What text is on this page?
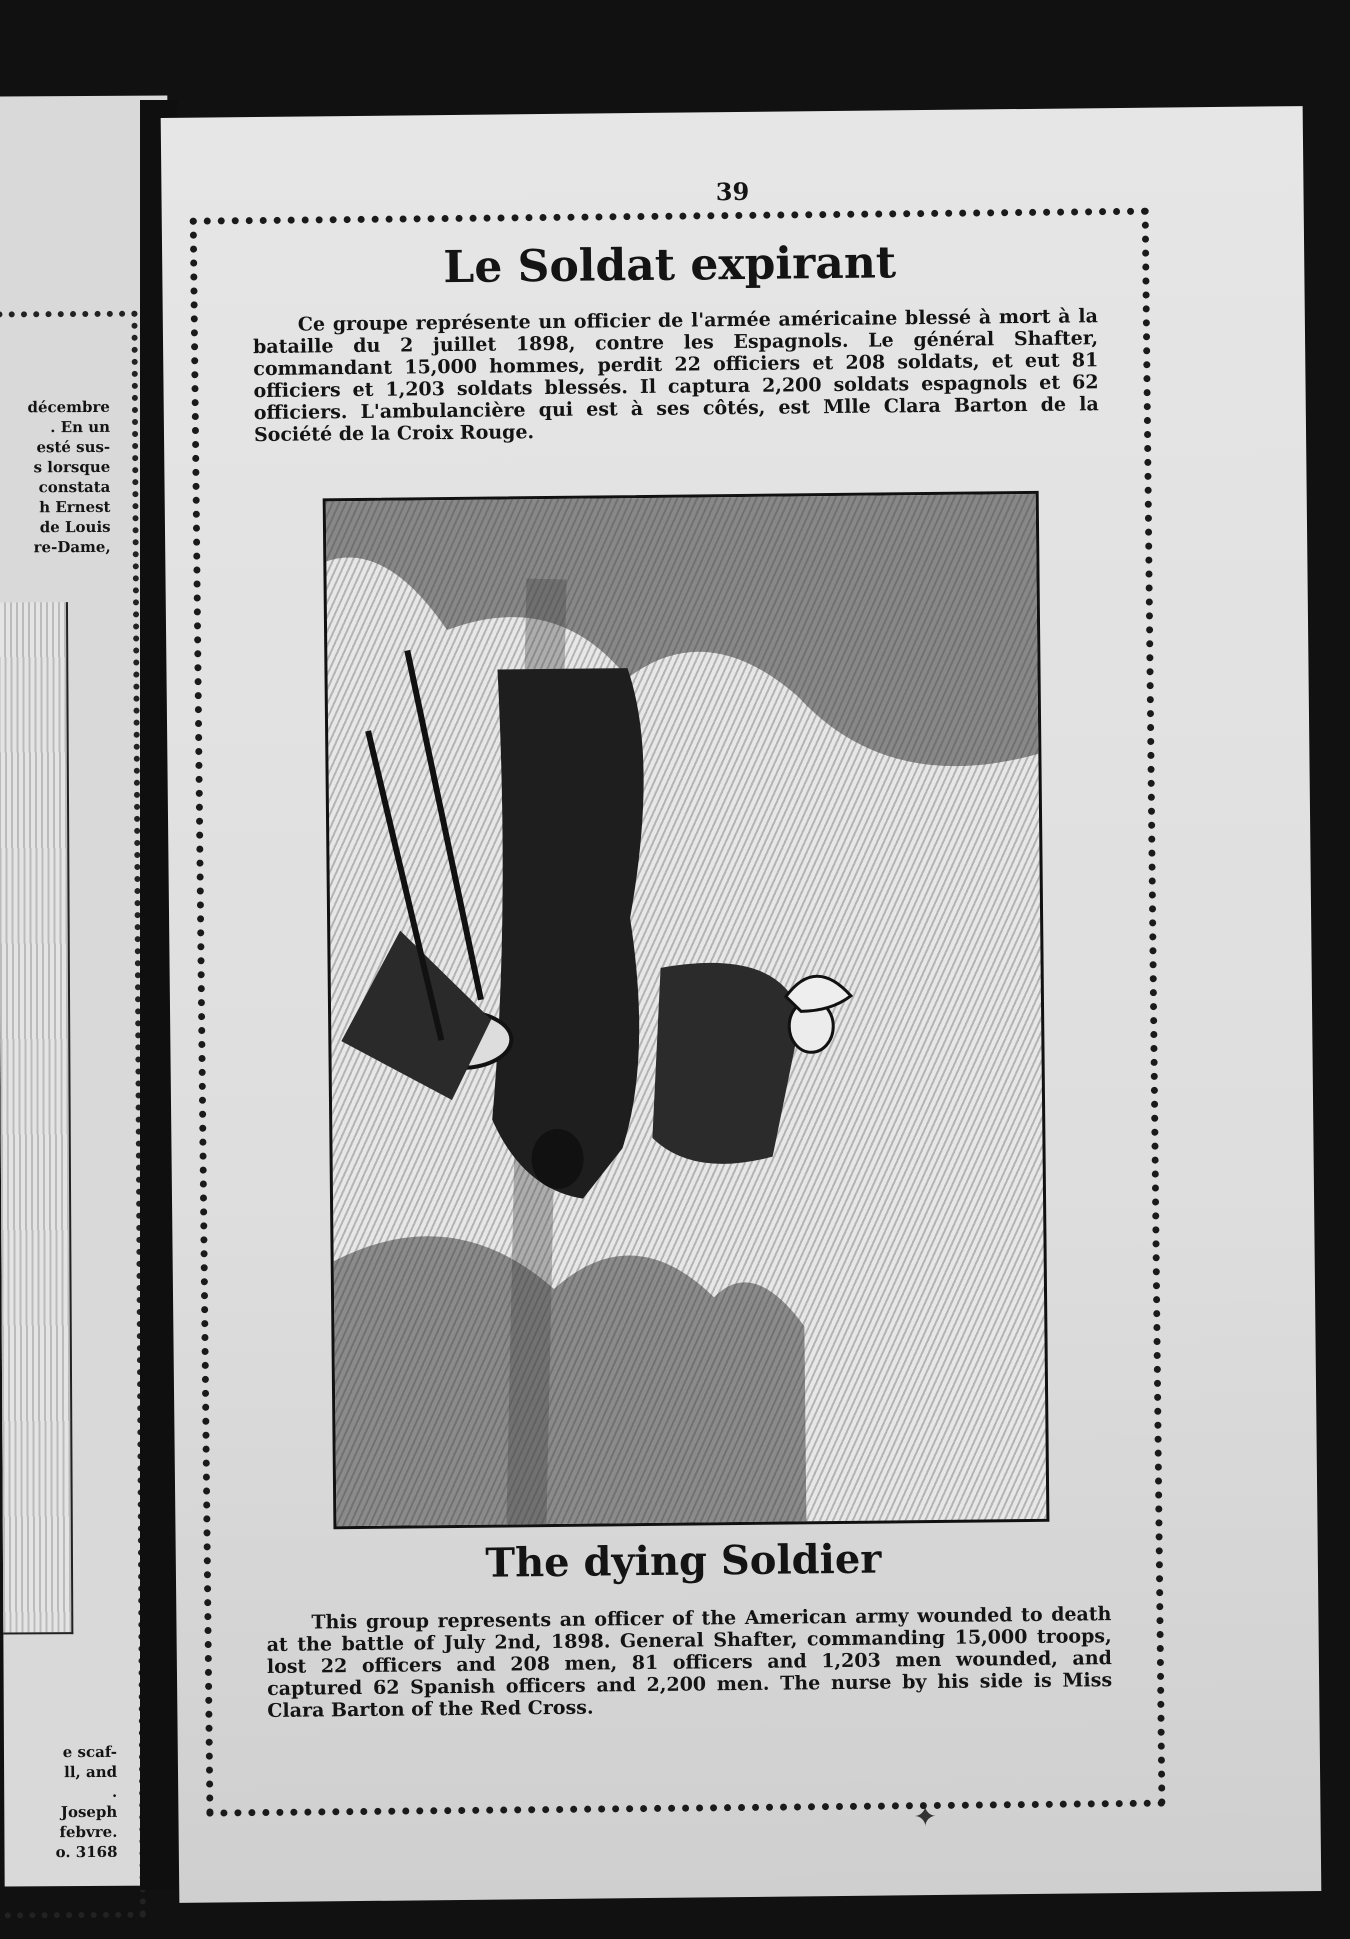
décembre
. En un
esté sus-
s lorsque
constata
h Ernest
de Louis
re-Dame,
e scaf-
ll, and
.
Joseph
febvre.
o. 3168
39
Le Soldat expirant

Ce groupe représente un officier de l'armée américaine blessé à mort à la bataille du 2 juillet 1898, contre les Espagnols. Le général Shafter, commandant 15,000 hommes, perdit 22 officiers et 208 soldats, et eut 81 officiers et 1,203 soldats blessés. Il captura 2,200 soldats espagnols et 62 officiers. L'ambulancière qui est à ses côtés, est Mlle Clara Barton de la Société de la Croix Rouge.

The dying Soldier

This group represents an officer of the American army wounded to death at the battle of July 2nd, 1898. General Shafter, commanding 15,000 troops, lost 22 officers and 208 men, 81 officers and 1,203 men wounded, and captured 62 Spanish officers and 2,200 men. The nurse by his side is Miss Clara Barton of the Red Cross.

✦
